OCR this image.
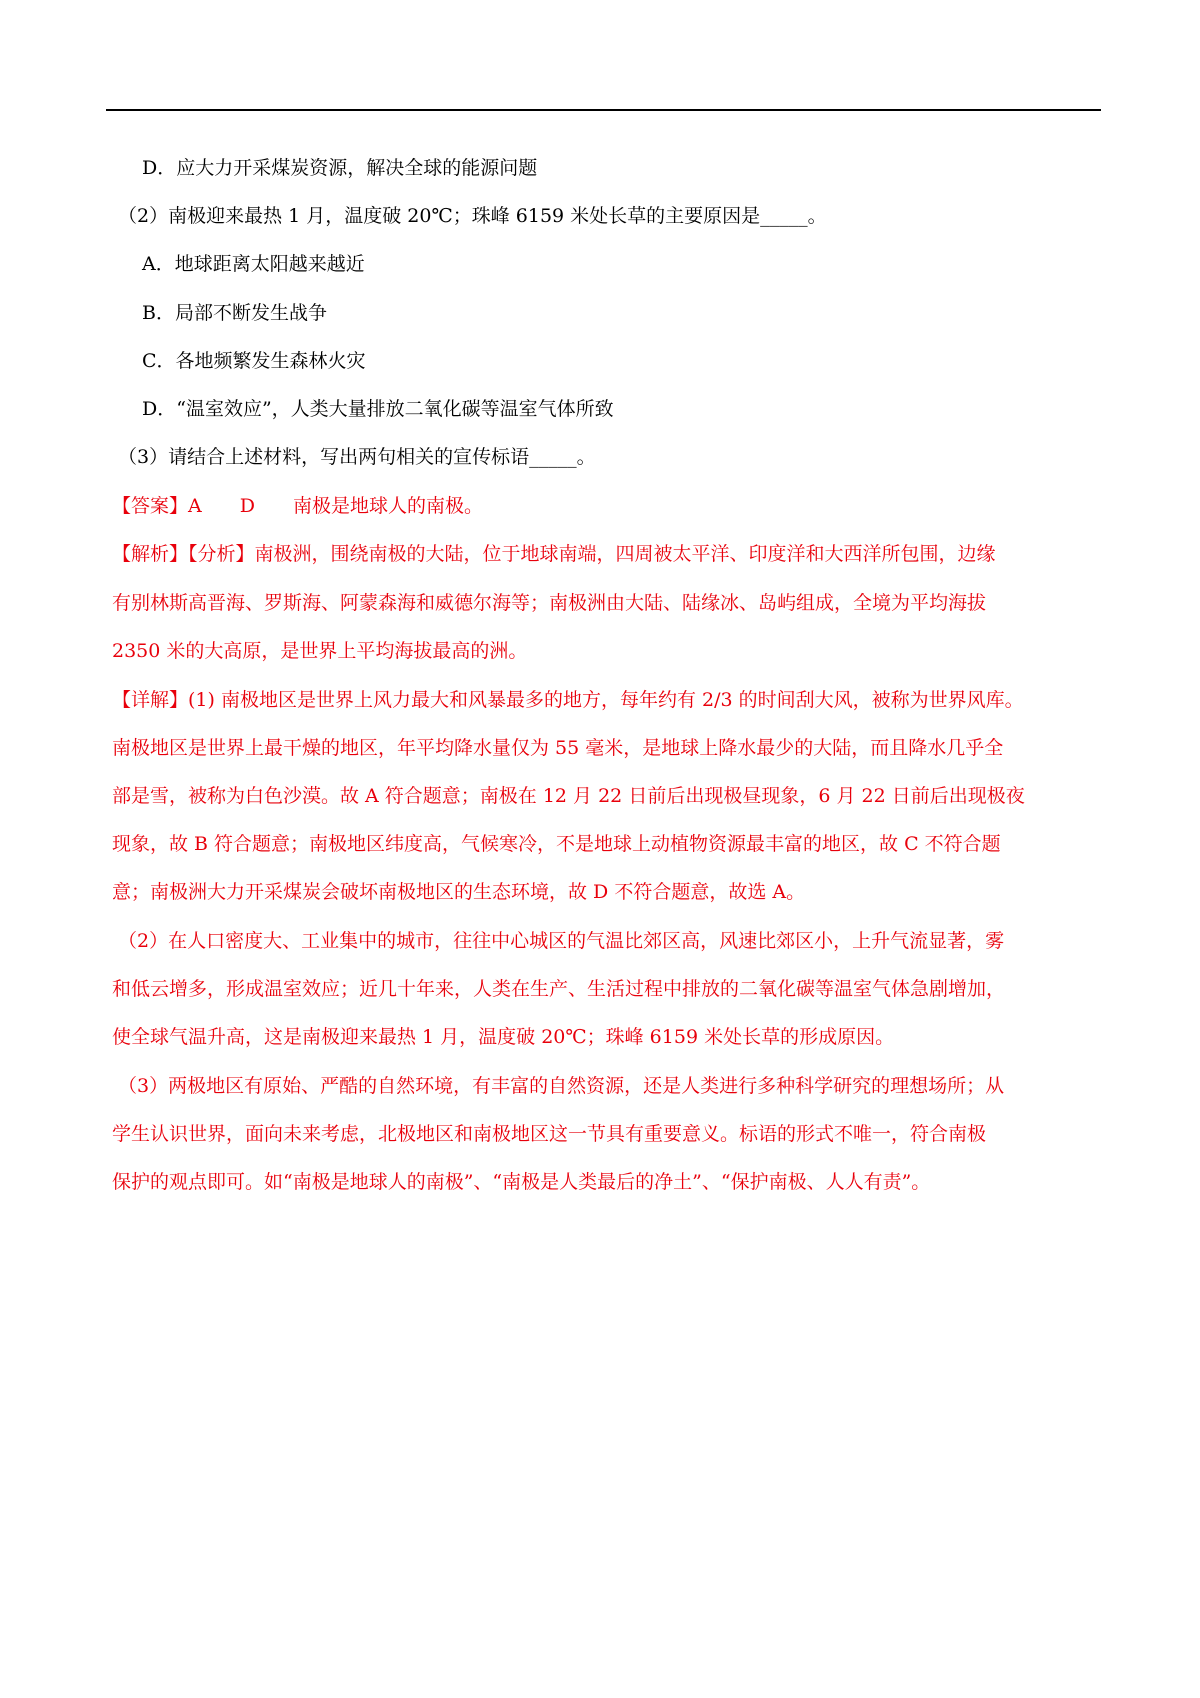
D．应大力开采煤炭资源，解决全球的能源问题
（2）南极迎来最热 1 月，温度破 20℃；珠峰 6159 米处长草的主要原因是_____。
A．地球距离太阳越来越近
B．局部不断发生战争
C．各地频繁发生森林火灾
D．“温室效应”，人类大量排放二氧化碳等温室气体所致
（3）请结合上述材料，写出两句相关的宣传标语_____。
【答案】A　　D　　南极是地球人的南极。
【解析】【分析】南极洲，围绕南极的大陆，位于地球南端，四周被太平洋、印度洋和大西洋所包围，边缘
有别林斯高晋海、罗斯海、阿蒙森海和威德尔海等；南极洲由大陆、陆缘冰、岛屿组成，全境为平均海拔
2350 米的大高原，是世界上平均海拔最高的洲。
【详解】(1) 南极地区是世界上风力最大和风暴最多的地方，每年约有 2/3 的时间刮大风，被称为世界风库。
南极地区是世界上最干燥的地区，年平均降水量仅为 55 毫米，是地球上降水最少的大陆，而且降水几乎全
部是雪，被称为白色沙漠。故 A 符合题意；南极在 12 月 22 日前后出现极昼现象，6 月 22 日前后出现极夜
现象，故 B 符合题意；南极地区纬度高，气候寒冷，不是地球上动植物资源最丰富的地区，故 C 不符合题
意；南极洲大力开采煤炭会破坏南极地区的生态环境，故 D 不符合题意，故选 A。
（2）在人口密度大、工业集中的城市，往往中心城区的气温比郊区高，风速比郊区小，上升气流显著，雾
和低云增多，形成温室效应；近几十年来，人类在生产、生活过程中排放的二氧化碳等温室气体急剧增加，
使全球气温升高，这是南极迎来最热 1 月，温度破 20℃；珠峰 6159 米处长草的形成原因。
（3）两极地区有原始、严酷的自然环境，有丰富的自然资源，还是人类进行多种科学研究的理想场所；从
学生认识世界，面向未来考虑，北极地区和南极地区这一节具有重要意义。标语的形式不唯一，符合南极
保护的观点即可。如“南极是地球人的南极”、“南极是人类最后的净土”、“保护南极、人人有责”。
